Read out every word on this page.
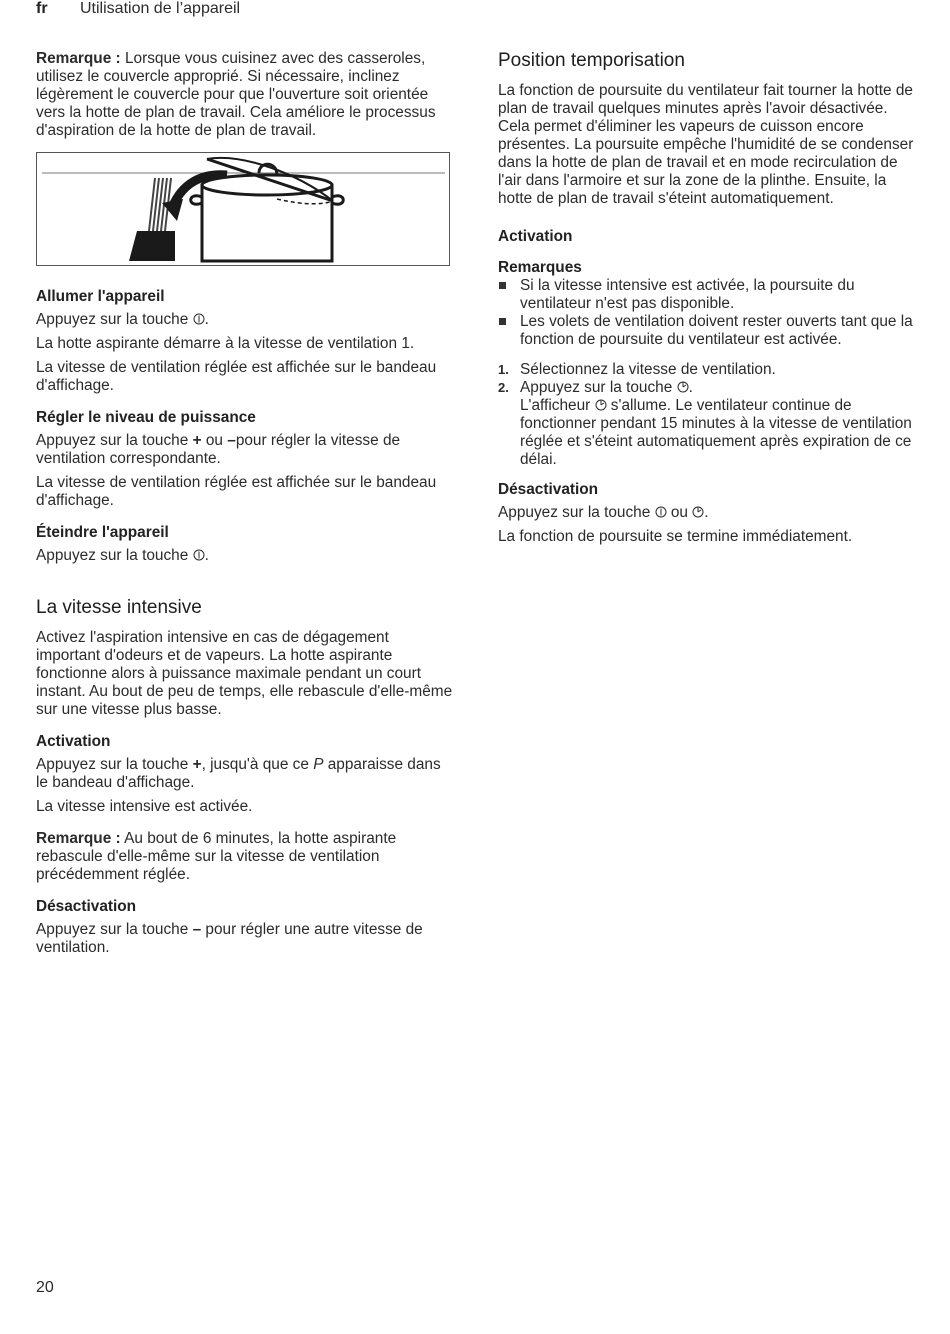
fr Utilisation de l’appareil

Remarque : Lorsque vous cuisinez avec des casseroles, utilisez le couvercle approprié. Si nécessaire, inclinez légèrement le couvercle pour que l'ouverture soit orientée vers la hotte de plan de travail. Cela améliore le processus d'aspiration de la hotte de plan de travail.

Allumer l'appareil

Appuyez sur la touche .

La hotte aspirante démarre à la vitesse de ventilation 1.

La vitesse de ventilation réglée est affichée sur le bandeau d'affichage.

Régler le niveau de puissance

Appuyez sur la touche + ou –pour régler la vitesse de ventilation correspondante.

La vitesse de ventilation réglée est affichée sur le bandeau d'affichage.

Éteindre l'appareil

Appuyez sur la touche .

La vitesse intensive

Activez l'aspiration intensive en cas de dégagement important d'odeurs et de vapeurs. La hotte aspirante fonctionne alors à puissance maximale pendant un court instant. Au bout de peu de temps, elle rebascule d'elle-même sur une vitesse plus basse.

Activation

Appuyez sur la touche +, jusqu'à que ce P apparaisse dans le bandeau d'affichage.

La vitesse intensive est activée.

Remarque : Au bout de 6 minutes, la hotte aspirante rebascule d'elle-même sur la vitesse de ventilation précédemment réglée.

Désactivation

Appuyez sur la touche – pour régler une autre vitesse de ventilation.

Position temporisation

La fonction de poursuite du ventilateur fait tourner la hotte de plan de travail quelques minutes après l'avoir désactivée. Cela permet d'éliminer les vapeurs de cuisson encore présentes. La poursuite empêche l'humidité de se condenser dans la hotte de plan de travail et en mode recirculation de l'air dans l'armoire et sur la zone de la plinthe. Ensuite, la hotte de plan de travail s'éteint automatiquement.

Activation
Remarques
Si la vitesse intensive est activée, la poursuite du ventilateur n'est pas disponible.
Les volets de ventilation doivent rester ouverts tant que la fonction de poursuite du ventilateur est activée.
1. Sélectionnez la vitesse de ventilation.
2. Appuyez sur la touche .
L'afficheur  s'allume. Le ventilateur continue de fonctionner pendant 15 minutes à la vitesse de ventilation réglée et s'éteint automatiquement après expiration de ce délai.
Désactivation

Appuyez sur la touche  ou .

La fonction de poursuite se termine immédiatement.

20
